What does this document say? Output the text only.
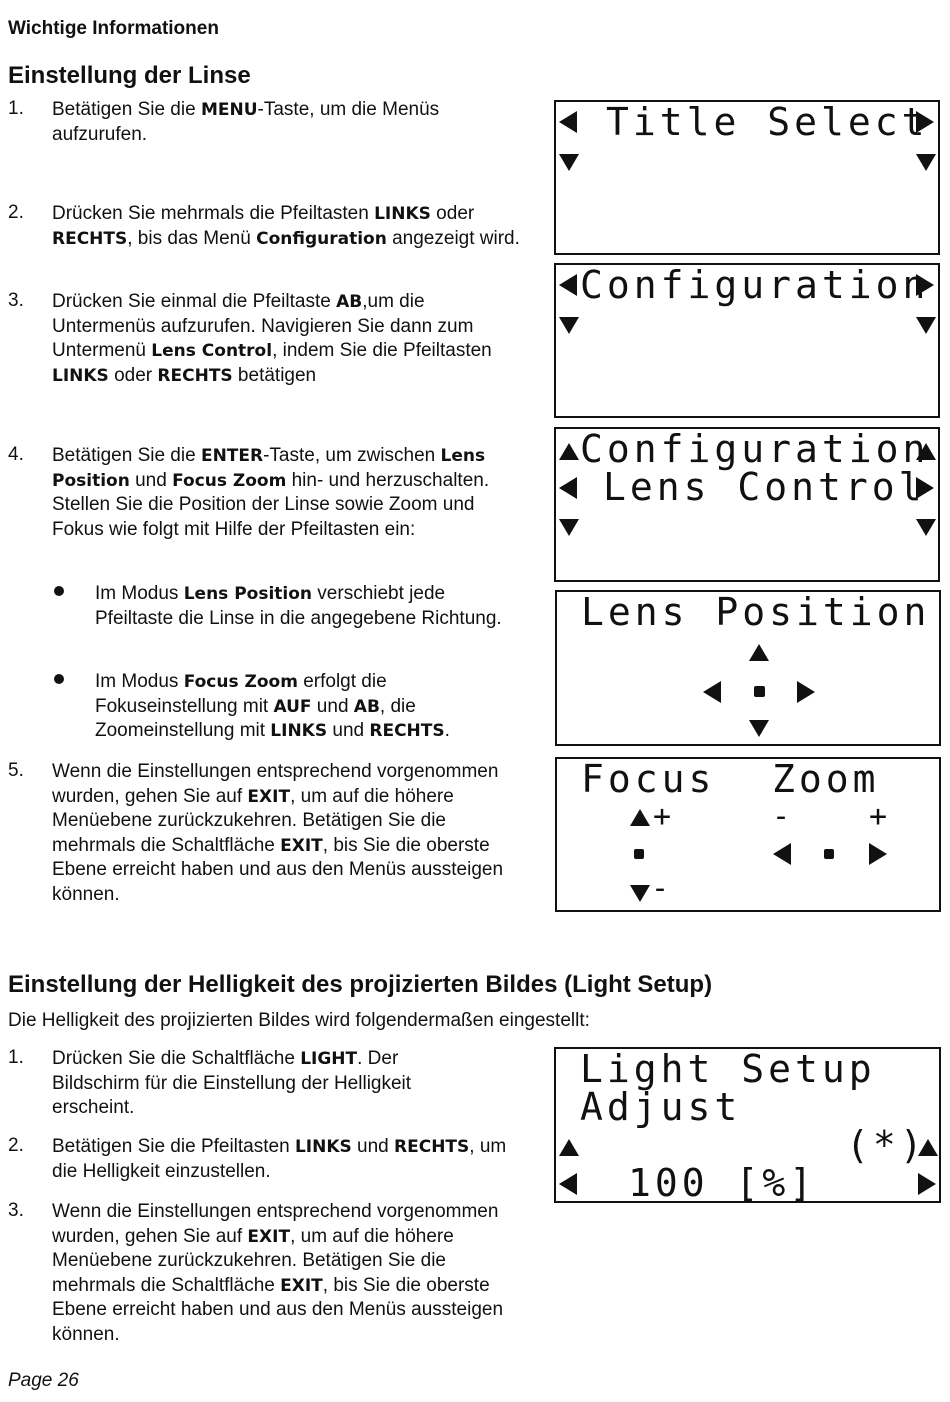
Wichtige Informationen
Einstellung der Linse
1. Betätigen Sie die MENU-Taste, um die Menüs aufzurufen.
2. Drücken Sie mehrmals die Pfeiltasten LINKS oder RECHTS, bis das Menü Configuration angezeigt wird.
3. Drücken Sie einmal die Pfeiltaste AB,um die Untermenüs aufzurufen. Navigieren Sie dann zum Untermenü Lens Control, indem Sie die Pfeiltasten LINKS oder RECHTS betätigen
4. Betätigen Sie die ENTER-Taste, um zwischen Lens Position und Focus Zoom hin- und herzuschalten. Stellen Sie die Position der Linse sowie Zoom und Fokus wie folgt mit Hilfe der Pfeiltasten ein:
Im Modus Lens Position verschiebt jede Pfeiltaste die Linse in die angegebene Richtung.
Im Modus Focus Zoom erfolgt die Fokuseinstellung mit AUF und AB, die Zoomeinstellung mit LINKS und RECHTS.
5. Wenn die Einstellungen entsprechend vorgenommen wurden, gehen Sie auf EXIT, um auf die höhere Menüebene zurückzukehren. Betätigen Sie die mehrmals die Schaltfläche EXIT, bis Sie die oberste Ebene erreicht haben und aus den Menüs aussteigen können.
Title Select
Configuration
Configuration
Lens Control
Lens Position
Focus Zoom
+	- +
-
Einstellung der Helligkeit des projizierten Bildes (Light Setup)
Die Helligkeit des projizierten Bildes wird folgendermaßen eingestellt:
1. Drücken Sie die Schaltfläche LIGHT. Der Bildschirm für die Einstellung der Helligkeit erscheint.
2. Betätigen Sie die Pfeiltasten LINKS und RECHTS, um die Helligkeit einzustellen.
3. Wenn die Einstellungen entsprechend vorgenommen wurden, gehen Sie auf EXIT, um auf die höhere Menüebene zurückzukehren. Betätigen Sie die mehrmals die Schaltfläche EXIT, bis Sie die oberste Ebene erreicht haben und aus den Menüs aussteigen können.
Light Setup
Adjust
(*)
100 [%]
Page 26
